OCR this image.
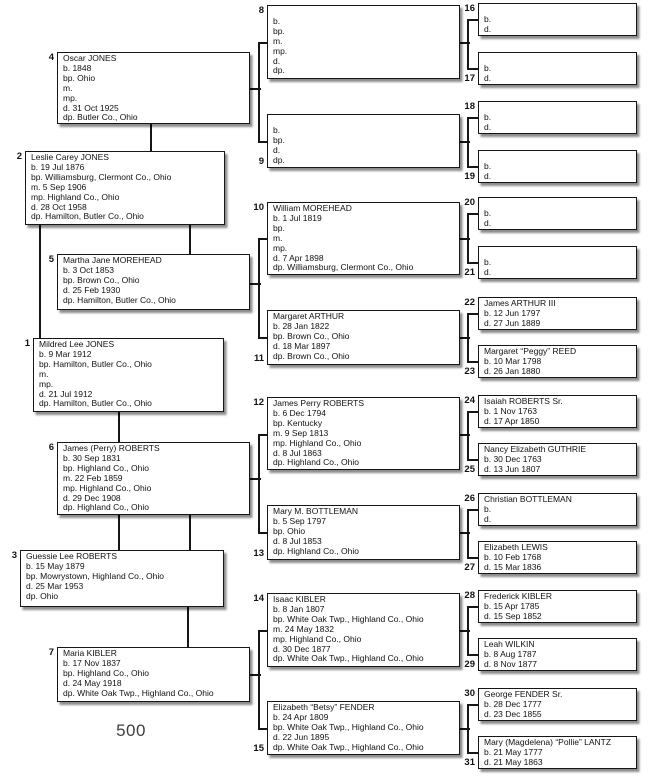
Mildred Lee JONES
b. 9 Mar 1912
bp. Hamilton, Butler Co., Ohio
m.
mp.
d. 21 Jul 1912
dp. Hamilton, Butler Co., Ohio
Leslie Carey JONES
b. 19 Jul 1876
bp. Williamsburg, Clermont Co., Ohio
m. 5 Sep 1906
mp. Highland Co., Ohio
d. 28 Oct 1958
dp. Hamilton, Butler Co., Ohio
Guessie Lee ROBERTS
b. 15 May 1879
bp. Mowrystown, Highland Co., Ohio
d. 25 Mar 1953
dp. Ohio
Oscar JONES
b. 1848
bp. Ohio
m.
mp.
d. 31 Oct 1925
dp. Butler Co., Ohio
Martha Jane MOREHEAD
b. 3 Oct 1853
bp. Brown Co., Ohio
d. 25 Feb 1930
dp. Hamilton, Butler Co., Ohio
James (Perry) ROBERTS
b. 30 Sep 1831
bp. Highland Co., Ohio
m. 22 Feb 1859
mp. Highland Co., Ohio
d. 29 Dec 1908
dp. Highland Co., Ohio
Maria KIBLER
b. 17 Nov 1837
bp. Highland Co., Ohio
d. 24 May 1918
dp. White Oak Twp., Highland Co., Ohio
b.
bp.
m.
mp.
d.
dp.
b.
bp.
d.
dp.
William MOREHEAD
b. 1 Jul 1819
bp.
m.
mp.
d. 7 Apr 1898
dp. Williamsburg, Clermont Co., Ohio
Margaret ARTHUR
b. 28 Jan 1822
bp. Brown Co., Ohio
d. 18 Mar 1897
dp. Brown Co., Ohio
James Perry ROBERTS
b. 6 Dec 1794
bp. Kentucky
m. 9 Sep 1813
mp. Highland Co., Ohio
d. 8 Jul 1863
dp. Highland Co., Ohio
Mary M. BOTTLEMAN
b. 5 Sep 1797
bp. Ohio
d. 8 Jul 1853
dp. Highland Co., Ohio
Isaac KIBLER
b. 8 Jan 1807
bp. White Oak Twp., Highland Co., Ohio
m. 24 May 1832
mp. Highland Co., Ohio
d. 30 Dec 1877
dp. White Oak Twp., Highland Co., Ohio
Elizabeth “Betsy” FENDER
b. 24 Apr 1809
bp. White Oak Twp., Highland Co., Ohio
d. 22 Jun 1895
dp. White Oak Twp., Highland Co., Ohio
b.
d.
b.
d.
b.
d.
b.
d.
b.
d.
b.
d.
James ARTHUR III
b. 12 Jun 1797
d. 27 Jun 1889
Margaret “Peggy” REED
b. 10 Mar 1798
d. 26 Jan 1880
Isaiah ROBERTS Sr.
b. 1 Nov 1763
d. 17 Apr 1850
Nancy Elizabeth GUTHRIE
b. 30 Dec 1763
d. 13 Jun 1807
Christian BOTTLEMAN
b.
d.
Elizabeth LEWIS
b. 10 Feb 1768
d. 15 Mar 1836
Frederick KIBLER
b. 15 Apr 1785
d. 15 Sep 1852
Leah WILKIN
b. 8 Aug 1787
d. 8 Nov 1877
George FENDER Sr.
b. 28 Dec 1777
d. 23 Dec 1855
Mary (Magdelena) “Pollie” LANTZ
b. 21 May 1777
d. 21 May 1863
500
1
2
3
4
5
6
7
8
9
10
11
12
13
14
15
16
17
18
19
20
21
22
23
24
25
26
27
28
29
30
31
